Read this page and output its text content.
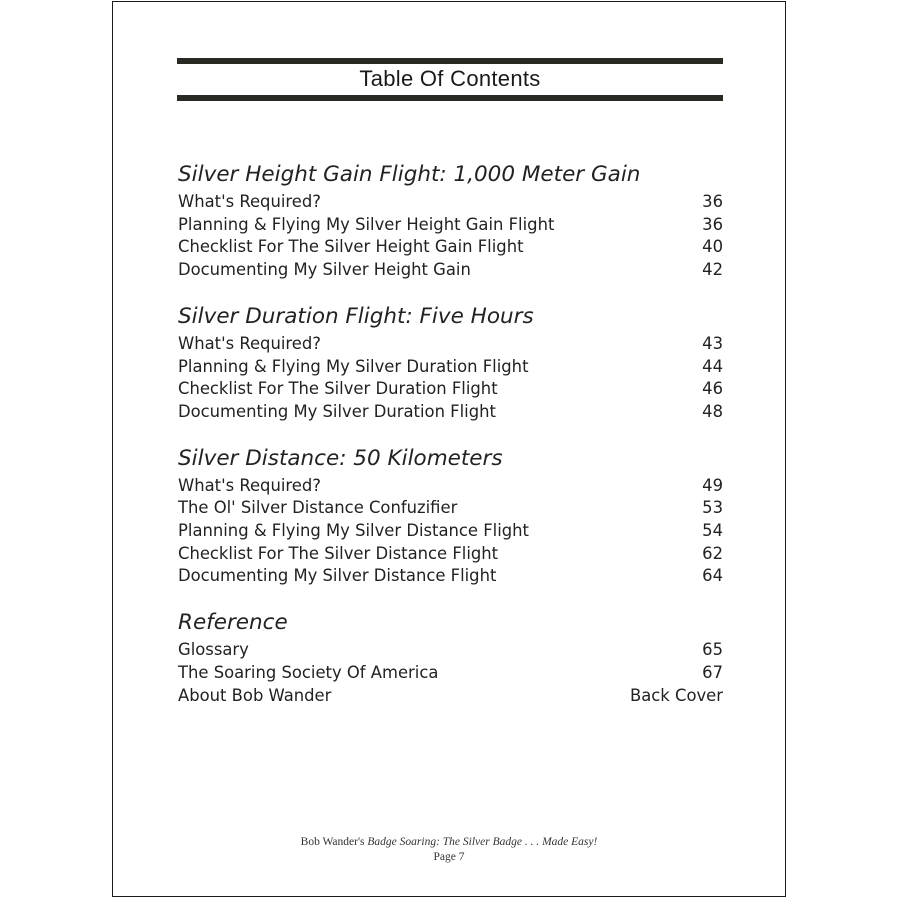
Table Of Contents
Silver Height Gain Flight: 1,000 Meter Gain
What's Required?	36
Planning & Flying My Silver Height Gain Flight	36
Checklist For The Silver Height Gain Flight	40
Documenting My Silver Height Gain	42
Silver Duration Flight: Five Hours
What's Required?	43
Planning & Flying My Silver Duration Flight	44
Checklist For The Silver Duration Flight	46
Documenting My Silver Duration Flight	48
Silver Distance: 50 Kilometers
What's Required?	49
The Ol' Silver Distance Confuzifier	53
Planning & Flying My Silver Distance Flight	54
Checklist For The Silver Distance Flight	62
Documenting My Silver Distance Flight	64
Reference
Glossary	65
The Soaring Society Of America	67
About Bob Wander	Back Cover
Bob Wander's Badge Soaring: The Silver Badge . . . Made Easy!
Page 7
